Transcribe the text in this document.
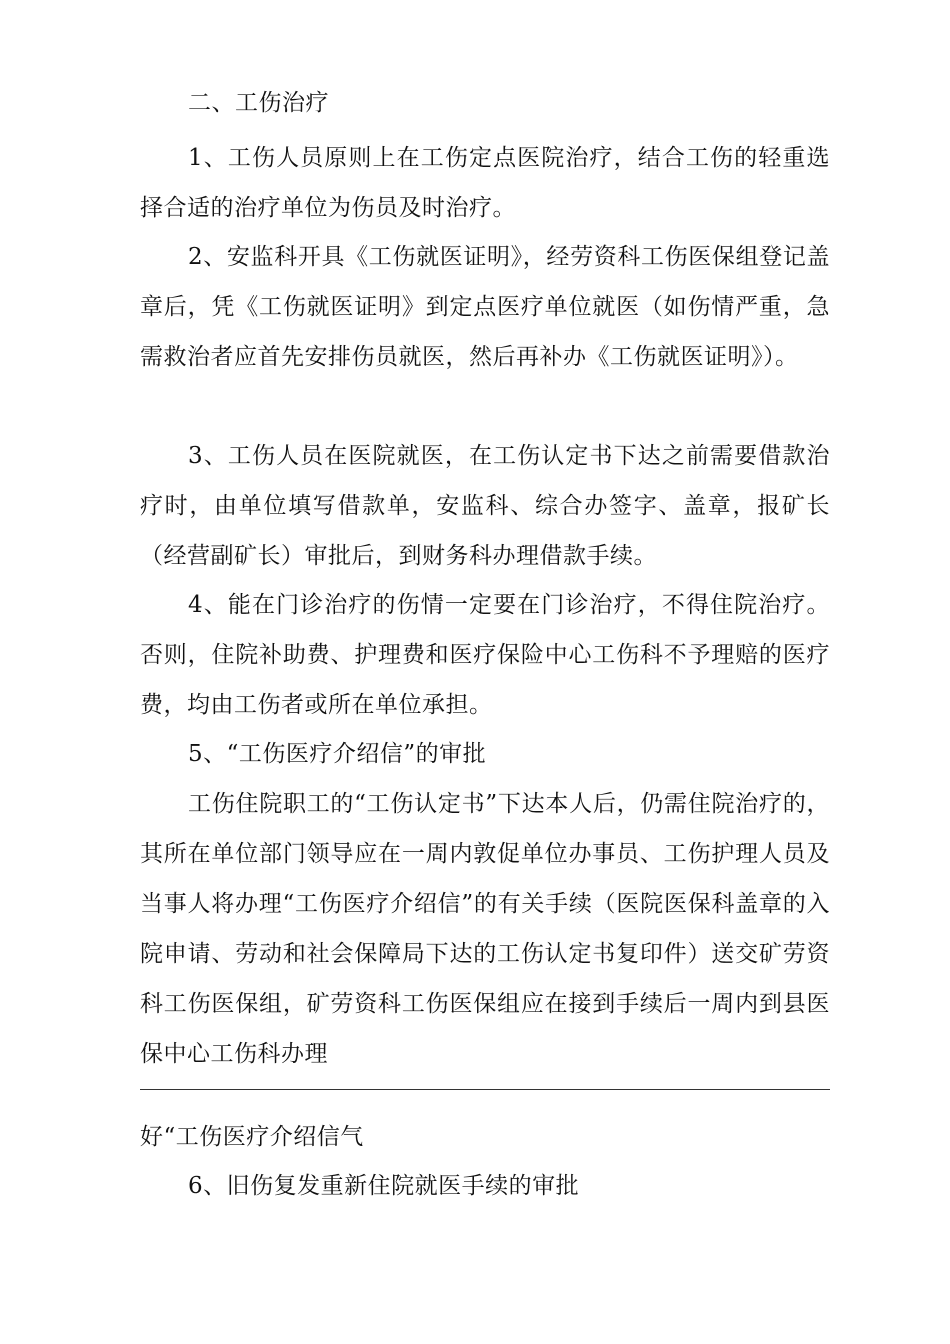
二、工伤治疗

1、工伤人员原则上在工伤定点医院治疗，结合工伤的轻重选择合适的治疗单位为伤员及时治疗。

2、安监科开具《工伤就医证明》，经劳资科工伤医保组登记盖章后，凭《工伤就医证明》到定点医疗单位就医（如伤情严重，急需救治者应首先安排伤员就医，然后再补办《工伤就医证明》）。

3、工伤人员在医院就医，在工伤认定书下达之前需要借款治疗时，由单位填写借款单，安监科、综合办签字、盖章，报矿长（经营副矿长）审批后，到财务科办理借款手续。

4、能在门诊治疗的伤情一定要在门诊治疗，不得住院治疗。否则，住院补助费、护理费和医疗保险中心工伤科不予理赔的医疗费，均由工伤者或所在单位承担。

5、“工伤医疗介绍信”的审批

工伤住院职工的“工伤认定书”下达本人后，仍需住院治疗的，其所在单位部门领导应在一周内敦促单位办事员、工伤护理人员及当事人将办理“工伤医疗介绍信”的有关手续（医院医保科盖章的入院申请、劳动和社会保障局下达的工伤认定书复印件）送交矿劳资科工伤医保组，矿劳资科工伤医保组应在接到手续后一周内到县医保中心工伤科办理

好“工伤医疗介绍信气

6、旧伤复发重新住院就医手续的审批
